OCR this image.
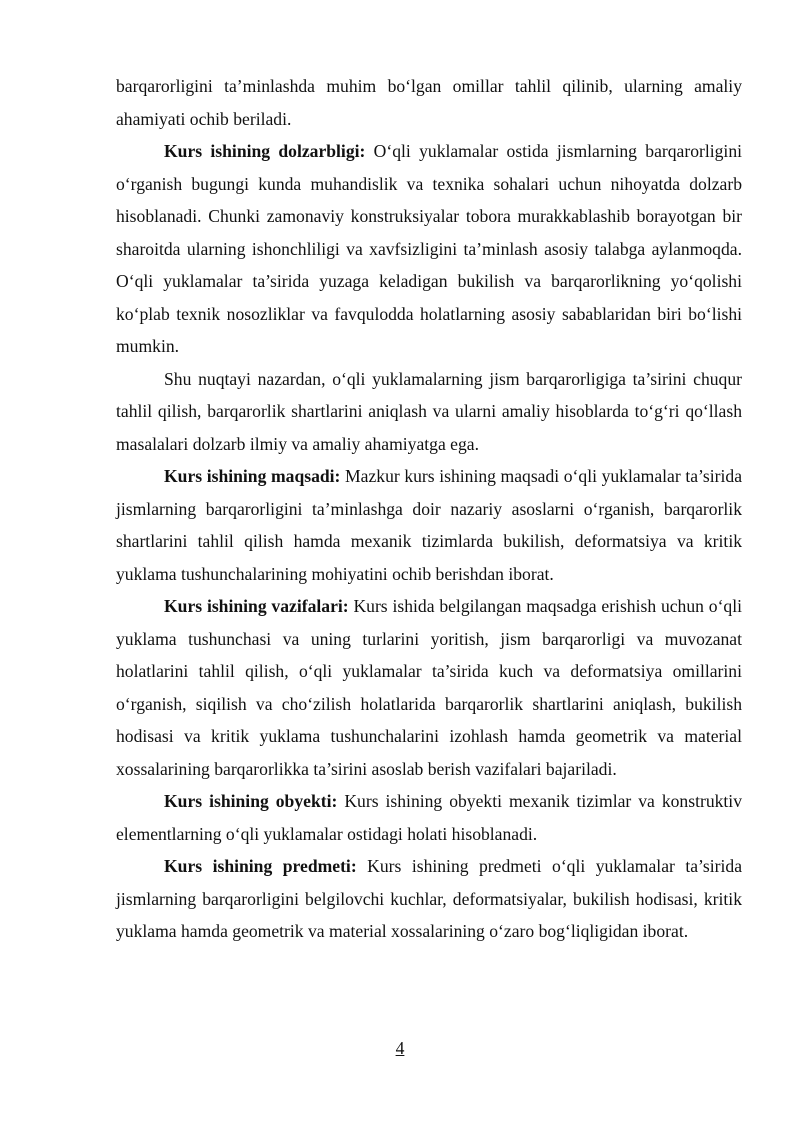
barqarorligini ta’minlashda muhim bo‘lgan omillar tahlil qilinib, ularning amaliy ahamiyati ochib beriladi.

Kurs ishining dolzarbligi: O‘qli yuklamalar ostida jismlarning barqarorligini o‘rganish bugungi kunda muhandislik va texnika sohalari uchun nihoyatda dolzarb hisoblanadi. Chunki zamonaviy konstruksiyalar tobora murakkablashib borayotgan bir sharoitda ularning ishonchliligi va xavfsizligini ta’minlash asosiy talabga aylanmoqda. O‘qli yuklamalar ta’sirida yuzaga keladigan bukilish va barqarorlikning yo‘qolishi ko‘plab texnik nosozliklar va favqulodda holatlarning asosiy sabablaridan biri bo‘lishi mumkin.

Shu nuqtayi nazardan, o‘qli yuklamalarning jism barqarorligiga ta’sirini chuqur tahlil qilish, barqarorlik shartlarini aniqlash va ularni amaliy hisoblarda to‘g‘ri qo‘llash masalalari dolzarb ilmiy va amaliy ahamiyatga ega.

Kurs ishining maqsadi: Mazkur kurs ishining maqsadi o‘qli yuklamalar ta’sirida jismlarning barqarorligini ta’minlashga doir nazariy asoslarni o‘rganish, barqarorlik shartlarini tahlil qilish hamda mexanik tizimlarda bukilish, deformatsiya va kritik yuklama tushunchalarining mohiyatini ochib berishdan iborat.

Kurs ishining vazifalari: Kurs ishida belgilangan maqsadga erishish uchun o‘qli yuklama tushunchasi va uning turlarini yoritish, jism barqarorligi va muvozanat holatlarini tahlil qilish, o‘qli yuklamalar ta’sirida kuch va deformatsiya omillarini o‘rganish, siqilish va cho‘zilish holatlarida barqarorlik shartlarini aniqlash, bukilish hodisasi va kritik yuklama tushunchalarini izohlash hamda geometrik va material xossalarining barqarorlikka ta’sirini asoslab berish vazifalari bajariladi.

Kurs ishining obyekti: Kurs ishining obyekti mexanik tizimlar va konstruktiv elementlarning o‘qli yuklamalar ostidagi holati hisoblanadi.

Kurs ishining predmeti: Kurs ishining predmeti o‘qli yuklamalar ta’sirida jismlarning barqarorligini belgilovchi kuchlar, deformatsiyalar, bukilish hodisasi, kritik yuklama hamda geometrik va material xossalarining o‘zaro bog‘liqligidan iborat.

4
